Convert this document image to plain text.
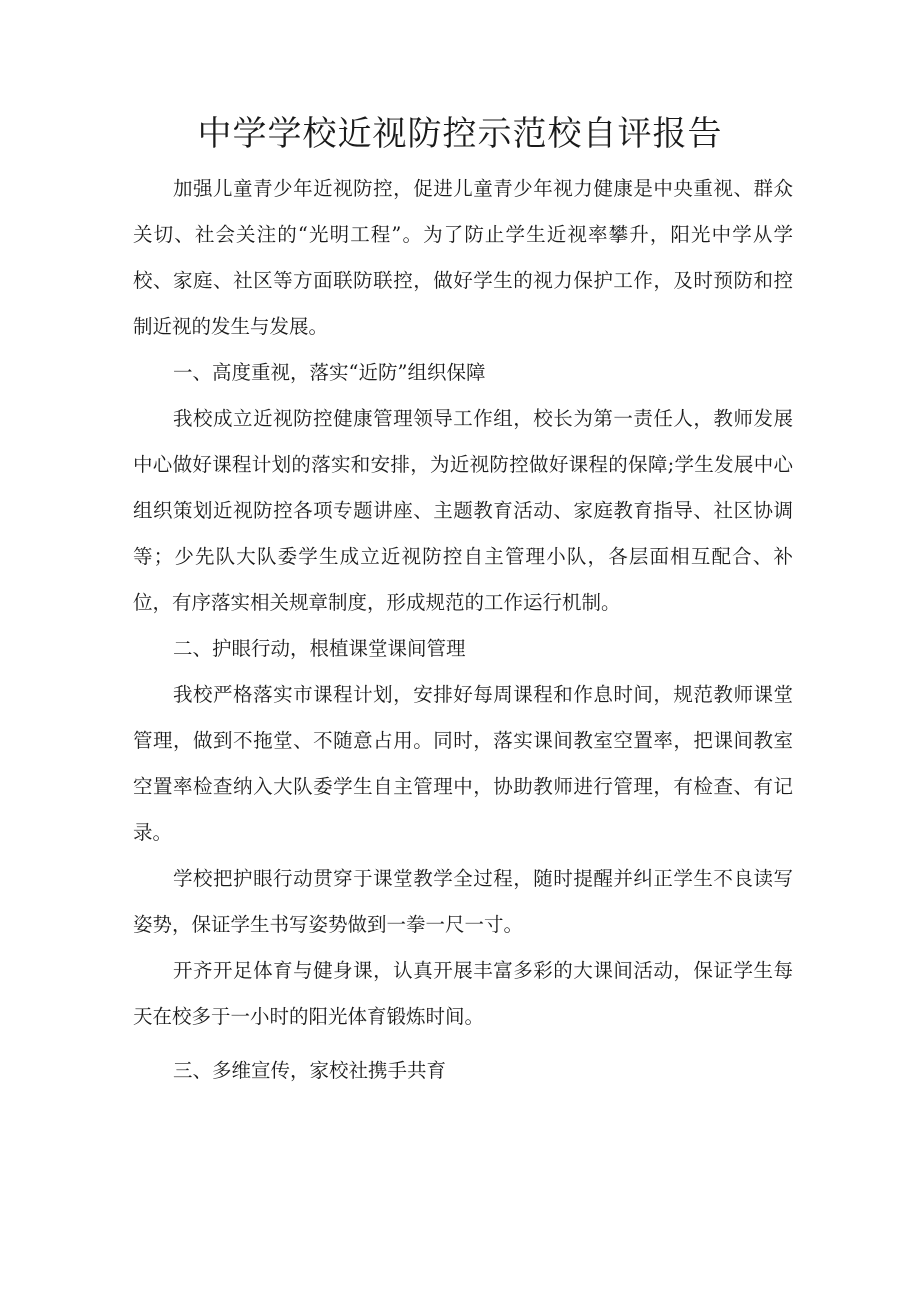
中学学校近视防控示范校自评报告

加强儿童青少年近视防控，促进儿童青少年视力健康是中央重视、群众关切、社会关注的“光明工程”。为了防止学生近视率攀升，阳光中学从学校、家庭、社区等方面联防联控，做好学生的视力保护工作，及时预防和控制近视的发生与发展。

一、高度重视，落实“近防”组织保障

我校成立近视防控健康管理领导工作组，校长为第一责任人，教师发展中心做好课程计划的落实和安排，为近视防控做好课程的保障;学生发展中心组织策划近视防控各项专题讲座、主题教育活动、家庭教育指导、社区协调等；少先队大队委学生成立近视防控自主管理小队，各层面相互配合、补位，有序落实相关规章制度，形成规范的工作运行机制。

二、护眼行动，根植课堂课间管理

我校严格落实市课程计划，安排好每周课程和作息时间，规范教师课堂管理，做到不拖堂、不随意占用。同时，落实课间教室空置率，把课间教室空置率检查纳入大队委学生自主管理中，协助教师进行管理，有检查、有记录。

学校把护眼行动贯穿于课堂教学全过程，随时提醒并纠正学生不良读写姿势，保证学生书写姿势做到一拳一尺一寸。

开齐开足体育与健身课，认真开展丰富多彩的大课间活动，保证学生每天在校多于一小时的阳光体育锻炼时间。

三、多维宣传，家校社携手共育
